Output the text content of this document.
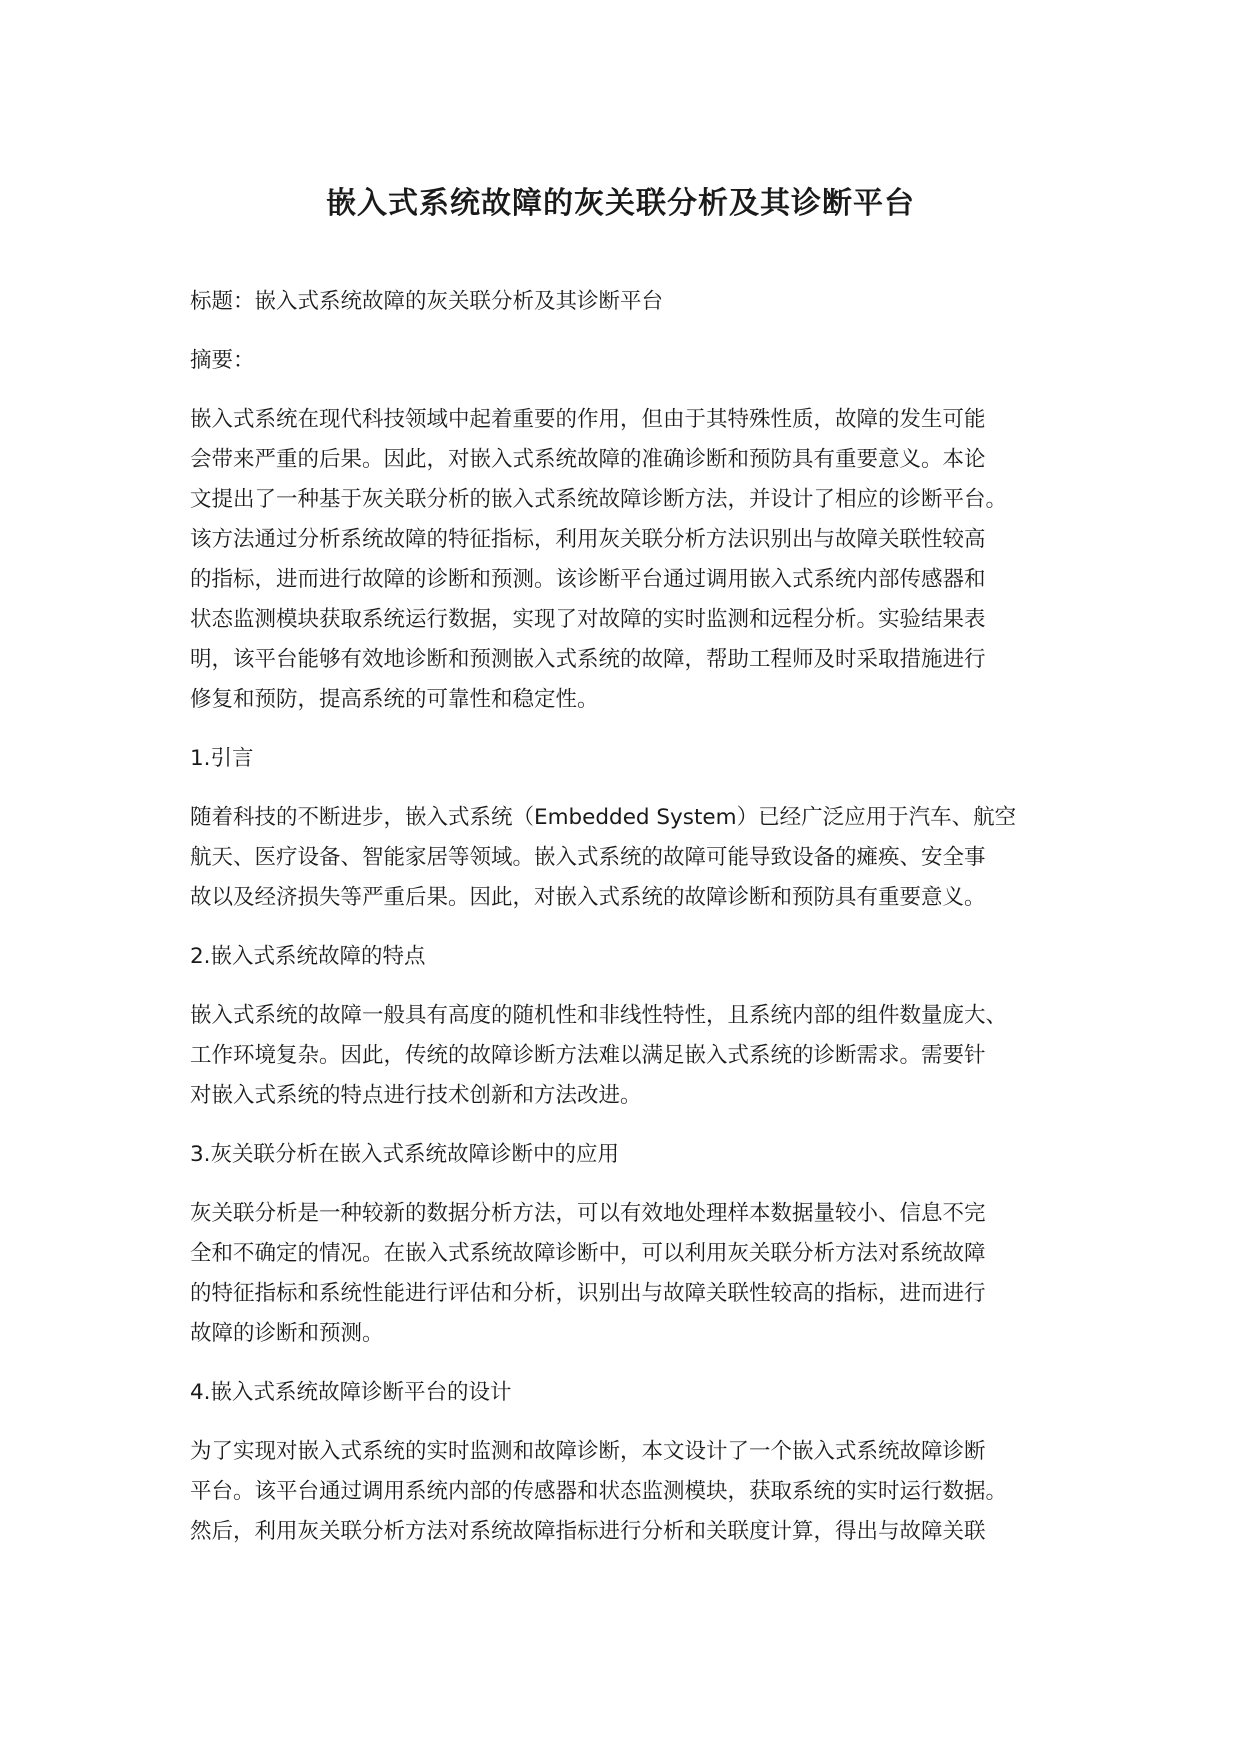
嵌入式系统故障的灰关联分析及其诊断平台

标题：嵌入式系统故障的灰关联分析及其诊断平台

摘要：

嵌入式系统在现代科技领域中起着重要的作用，但由于其特殊性质，故障的发生可能

会带来严重的后果。因此，对嵌入式系统故障的准确诊断和预防具有重要意义。本论

文提出了一种基于灰关联分析的嵌入式系统故障诊断方法，并设计了相应的诊断平台。

该方法通过分析系统故障的特征指标，利用灰关联分析方法识别出与故障关联性较高

的指标，进而进行故障的诊断和预测。该诊断平台通过调用嵌入式系统内部传感器和

状态监测模块获取系统运行数据，实现了对故障的实时监测和远程分析。实验结果表

明，该平台能够有效地诊断和预测嵌入式系统的故障，帮助工程师及时采取措施进行

修复和预防，提高系统的可靠性和稳定性。

1.引言

随着科技的不断进步，嵌入式系统（Embedded System）已经广泛应用于汽车、航空

航天、医疗设备、智能家居等领域。嵌入式系统的故障可能导致设备的瘫痪、安全事

故以及经济损失等严重后果。因此，对嵌入式系统的故障诊断和预防具有重要意义。

2.嵌入式系统故障的特点

嵌入式系统的故障一般具有高度的随机性和非线性特性，且系统内部的组件数量庞大、

工作环境复杂。因此，传统的故障诊断方法难以满足嵌入式系统的诊断需求。需要针

对嵌入式系统的特点进行技术创新和方法改进。

3.灰关联分析在嵌入式系统故障诊断中的应用

灰关联分析是一种较新的数据分析方法，可以有效地处理样本数据量较小、信息不完

全和不确定的情况。在嵌入式系统故障诊断中，可以利用灰关联分析方法对系统故障

的特征指标和系统性能进行评估和分析，识别出与故障关联性较高的指标，进而进行

故障的诊断和预测。

4.嵌入式系统故障诊断平台的设计

为了实现对嵌入式系统的实时监测和故障诊断，本文设计了一个嵌入式系统故障诊断

平台。该平台通过调用系统内部的传感器和状态监测模块，获取系统的实时运行数据。

然后，利用灰关联分析方法对系统故障指标进行分析和关联度计算，得出与故障关联
